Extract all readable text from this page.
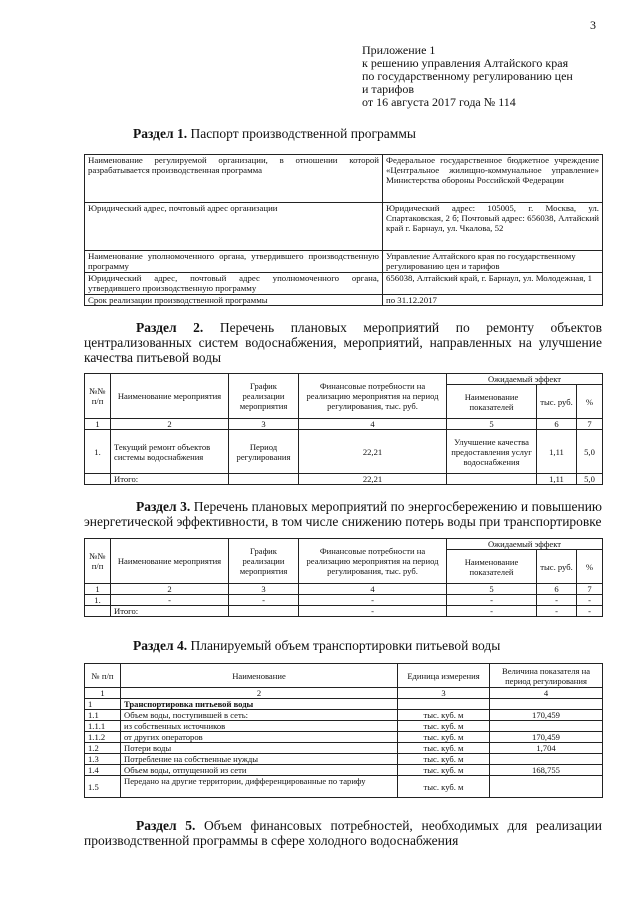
3
Приложение 1
к решению управления Алтайского края
по государственному регулированию цен
и тарифов
от 16 августа 2017 года № 114
Раздел 1. Паспорт производственной программы
Наименование регулируемой организации, в отношении которой разрабатывается производственная программа	Федеральное государственное бюджетное учреждение «Центральное жилищно-коммунальное управление» Министерства обороны Российской Федерации
Юридический адрес, почтовый адрес организации	Юридический адрес: 105005, г. Москва, ул. Спартаковская, 2 б; Почтовый адрес: 656038, Алтайский край г. Барнаул, ул. Чкалова, 52
Наименование уполномоченного органа, утвердившего производственную программу	Управление Алтайского края по государственному регулированию цен и тарифов
Юридический адрес, почтовый адрес уполномоченного органа, утвердившего производственную программу	656038, Алтайский край, г. Барнаул, ул. Молодежная, 1
Срок реализации производственной программы	по 31.12.2017
Раздел 2. Перечень плановых мероприятий по ремонту объектов централизованных систем водоснабжения, мероприятий, направленных на улучшение качества питьевой воды
№№ п/п	Наименование мероприятия	График реализации мероприятия	Финансовые потребности на реализацию мероприятия на период регулирования, тыс. руб.	Ожидаемый эффект		
				Наименование показателей	тыс. руб.	%
1	2	3	4	5	6	7
1.	Текущий ремонт объектов системы водоснабжения	Период регулирования	22,21	Улучшение качества предоставления услуг водоснабжения	1,11	5,0
	Итого:		22,21		1,11	5,0
Раздел 3. Перечень плановых мероприятий по энергосбережению и повышению энергетической эффективности, в том числе снижению потерь воды при транспортировке
№№ п/п	Наименование мероприятия	График реализации мероприятия	Финансовые потребности на реализацию мероприятия на период регулирования, тыс. руб.	Ожидаемый эффект		
				Наименование показателей	тыс. руб.	%
1	2	3	4	5	6	7
1.	-	-	-	-	-	-
	Итого:		-	-	-	-
Раздел 4. Планируемый объем транспортировки питьевой воды
№ п/п	Наименование	Единица измерения	Величина показателя на период регулирования
1	2	3	4
1	Транспортировка питьевой воды		
1.1	Объем воды, поступившей в сеть:	тыс. куб. м	170,459
1.1.1	из собственных источников	тыс. куб. м	
1.1.2	от других операторов	тыс. куб. м	170,459
1.2	Потери воды	тыс. куб. м	1,704
1.3	Потребление на собственные нужды	тыс. куб. м	
1.4	Объем воды, отпущенной из сети	тыс. куб. м	168,755
1.5	Передано на другие территории, дифференцированные по тарифу	тыс. куб. м	
Раздел 5. Объем финансовых потребностей, необходимых для реализации производственной программы в сфере холодного водоснабжения
